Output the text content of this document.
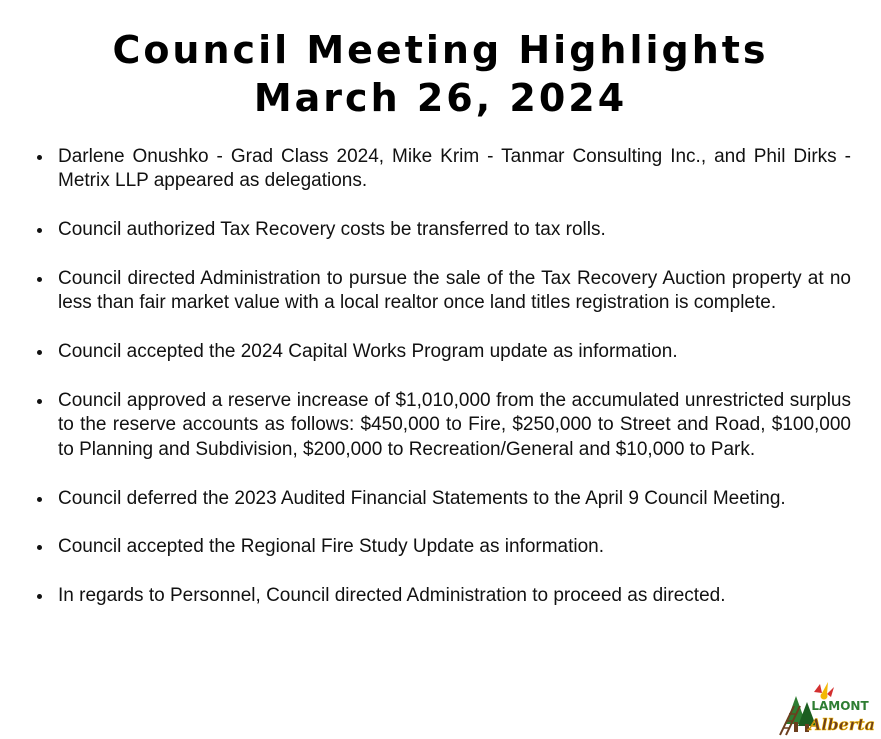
Council Meeting Highlights
March 26, 2024
Darlene Onushko - Grad Class 2024, Mike Krim - Tanmar Consulting Inc., and Phil Dirks - Metrix LLP appeared as delegations.
Council authorized Tax Recovery costs be transferred to tax rolls.
Council directed Administration to pursue the sale of the Tax Recovery Auction property at no less than fair market value with a local realtor once land titles registration is complete.
Council accepted the 2024 Capital Works Program update as information.
Council approved a reserve increase of $1,010,000 from the accumulated unrestricted surplus to the reserve accounts as follows: $450,000 to Fire, $250,000 to Street and Road, $100,000 to Planning and Subdivision, $200,000 to Recreation/General and $10,000 to Park.
Council deferred the 2023 Audited Financial Statements to the April 9 Council Meeting.
Council accepted the Regional Fire Study Update as information.
In regards to Personnel, Council directed Administration to proceed as directed.
LAMONT
Alberta
